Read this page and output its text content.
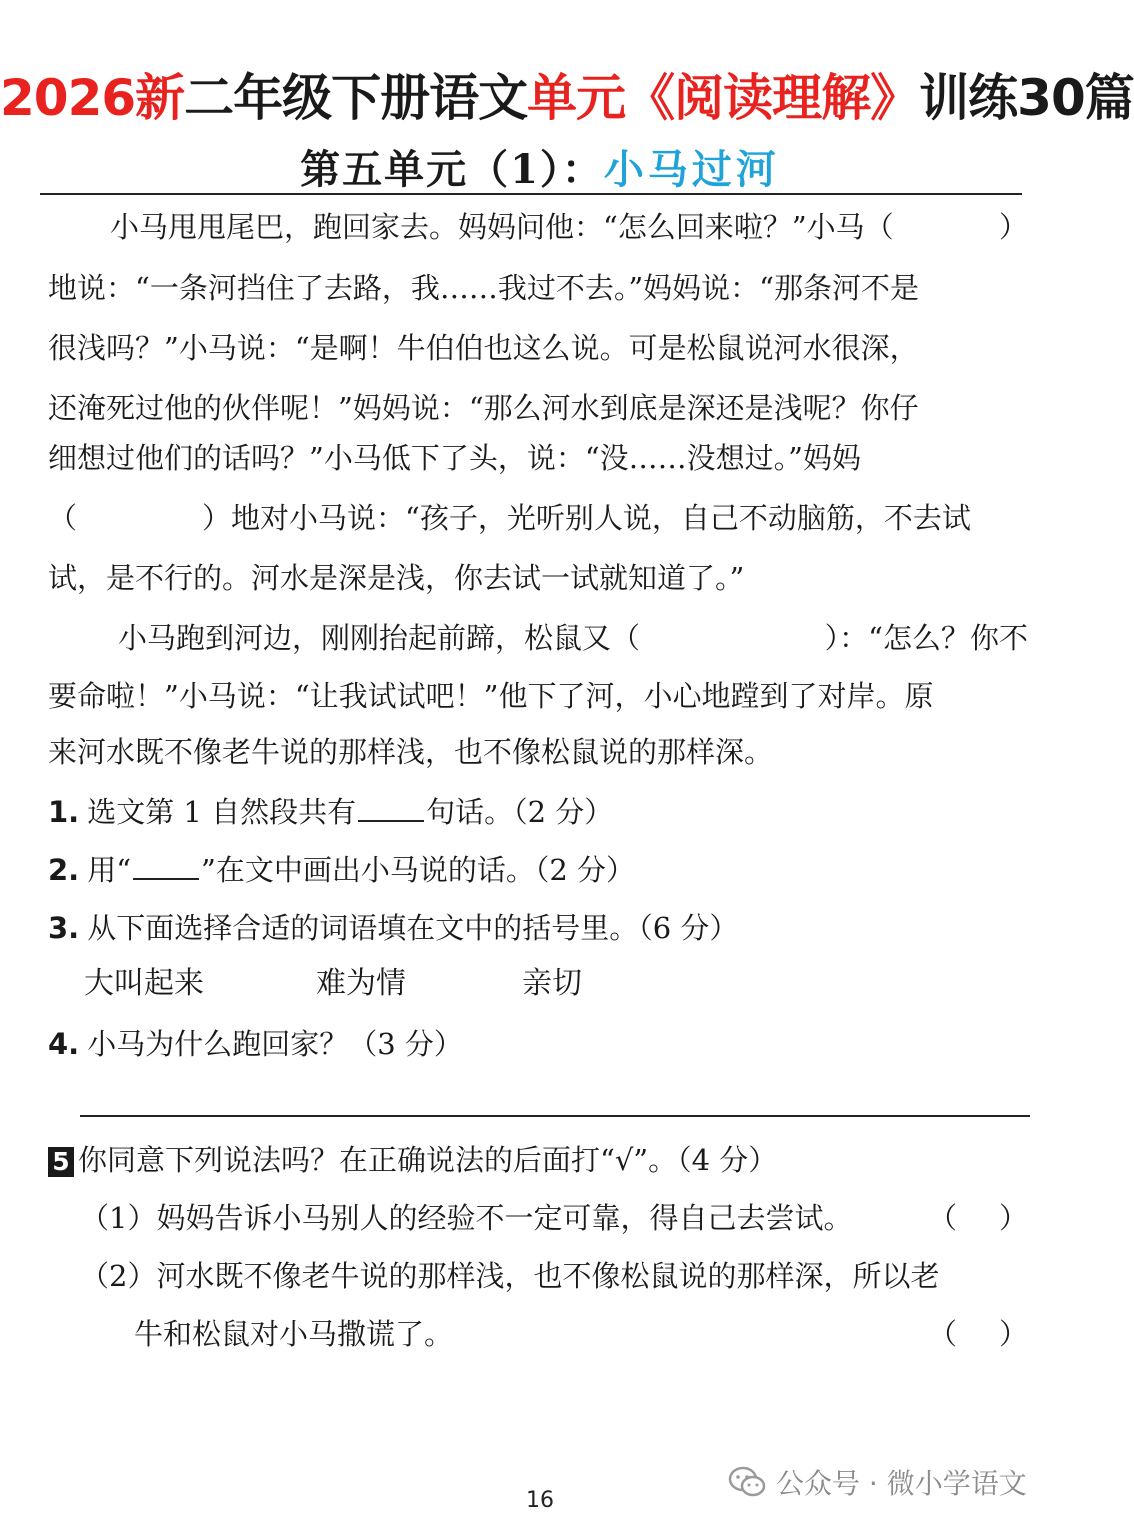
2026新二年级下册语文单元《阅读理解》训练30篇
第五单元（1）：小马过河
小马甩甩尾巴，跑回家去。妈妈问他：“怎么回来啦？”小马（	）
地说：“一条河挡住了去路，我……我过不去。”妈妈说：“那条河不是
很浅吗？”小马说：“是啊！牛伯伯也这么说。可是松鼠说河水很深，
还淹死过他的伙伴呢！”妈妈说：“那么河水到底是深还是浅呢？你仔
细想过他们的话吗？”小马低下了头，说：“没……没想过。”妈妈
（	）地对小马说：“孩子，光听别人说，自己不动脑筋，不去试
试，是不行的。河水是深是浅，你去试一试就知道了。”
小马跑到河边，刚刚抬起前蹄，松鼠又（	）：“怎么？你不
要命啦！”小马说：“让我试试吧！”他下了河，小心地蹚到了对岸。原
来河水既不像老牛说的那样浅，也不像松鼠说的那样深。
1. 选文第 1 自然段共有 句话。（2 分）
2. 用“ ”在文中画出小马说的话。（2 分）
3. 从下面选择合适的词语填在文中的括号里。（6 分）
大叫起来	难为情	亲切
4. 小马为什么跑回家？（3 分）
5 你同意下列说法吗？在正确说法的后面打“√”。（4 分）
（1）妈妈告诉小马别人的经验不一定可靠，得自己去尝试。	（ ）
（2）河水既不像老牛说的那样浅，也不像松鼠说的那样深，所以老
牛和松鼠对小马撒谎了。	（ ）
16
公众号 · 微小学语文
